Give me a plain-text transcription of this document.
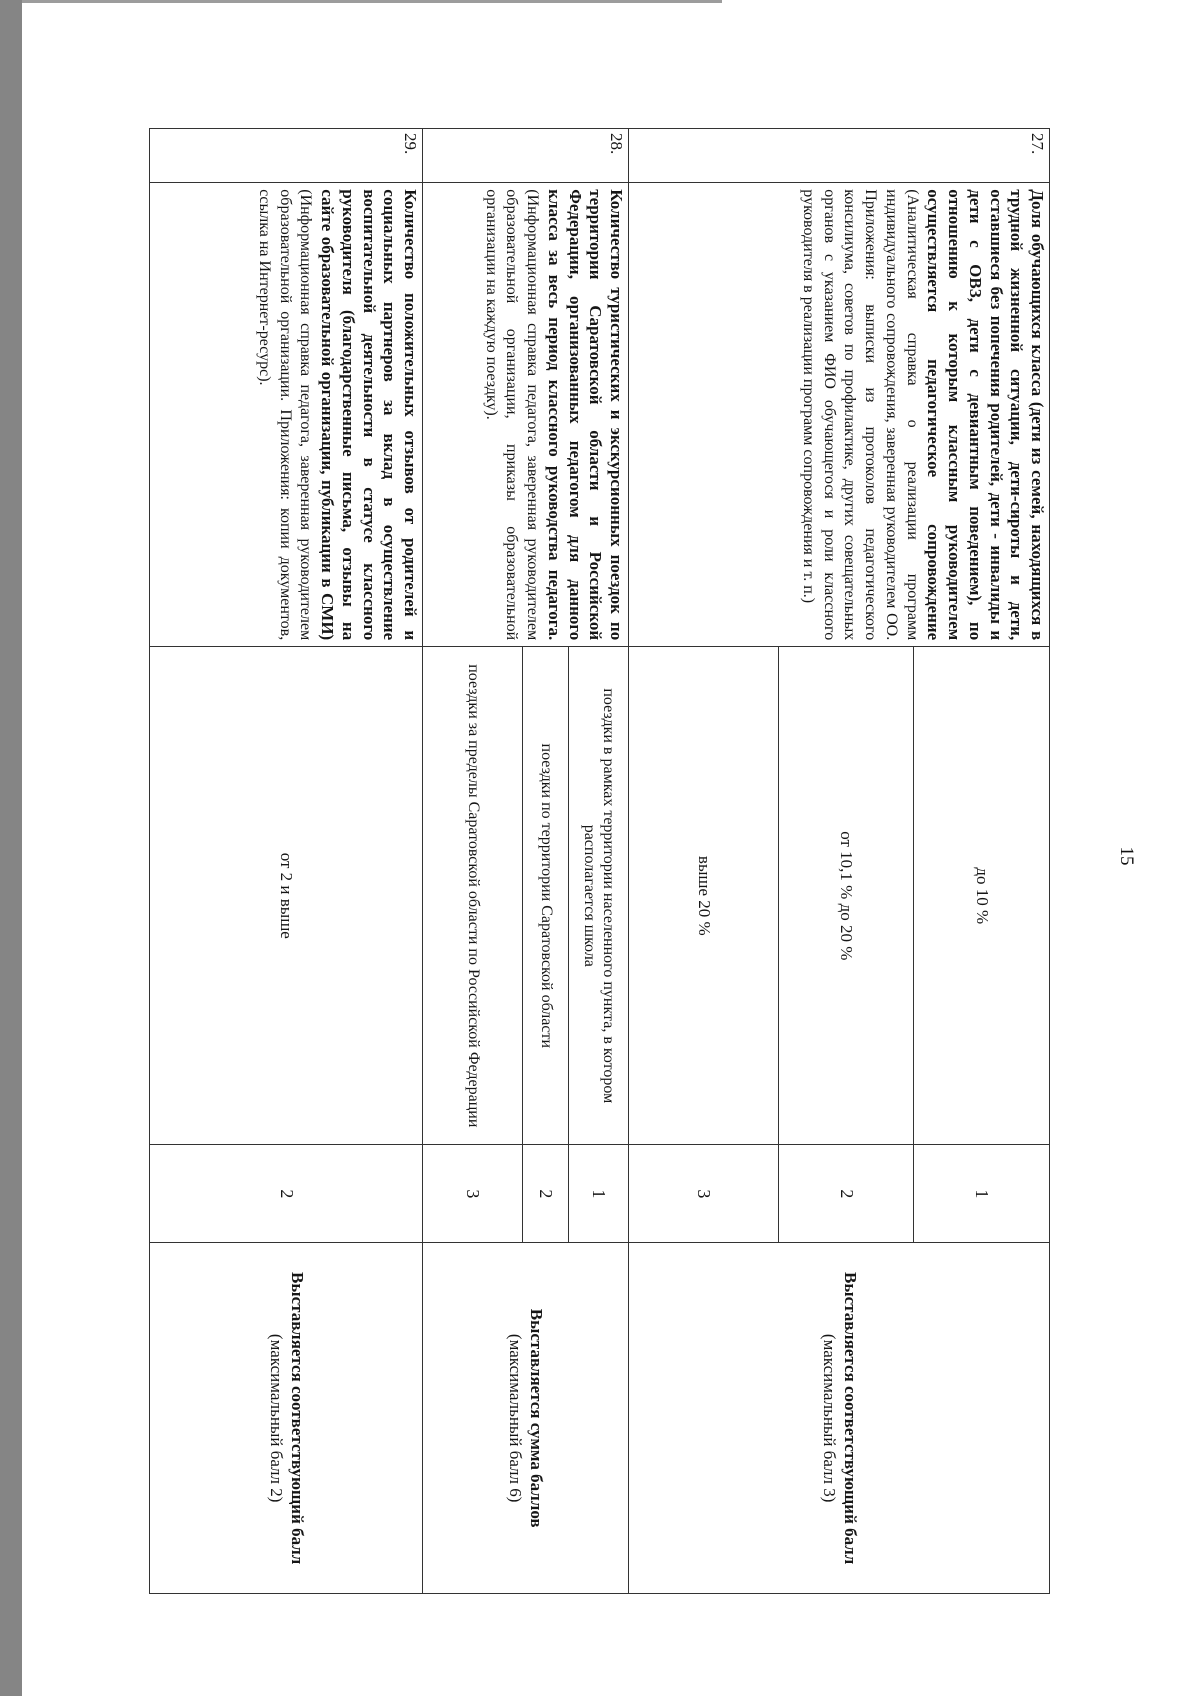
15
27.	Доля обучающихся класса (дети из семей, находящихся в трудной жизненной ситуации, дети-сироты и дети, оставшиеся без попечения родителей, дети - инвалиды и дети с ОВЗ, дети с девиантным поведением), по отношению к которым классным руководителем осуществляется педагогическое сопровождение (Аналитическая справка о реализации программ индивидуального сопровождения, заверенная руководителем ОО. Приложения: выписки из протоколов педагогического консилиума, советов по профилактике, других совещательных органов с указанием ФИО обучающегося и роли классного руководителя в реализации программ сопровождения и т. п.)	до 10 %	1	Выставляется соответствующий балл
(максимальный балл 3)

		от 10,1 % до 20 %	2	
		выше 20 %	3	
28.	Количество туристических и экскурсионных поездок по территории Саратовской области и Российской Федерации, организованных педагогом для данного класса за весь период классного руководства педагога. (Информационная справка педагога, заверенная руководителем образовательной организации, приказы образовательной организации на каждую поездку).	поездки в рамках территории населенного пункта, в котором располагается школа	1	Выставляется сумма баллов
(максимальный балл 6)

		поездки по территории Саратовской области	2	
		поездки за пределы Саратовской области по Российской Федерации	3	
29.	Количество положительных отзывов от родителей и социальных партнеров за вклад в осуществление воспитательной деятельности в статусе классного руководителя (благодарственные письма, отзывы на сайте образовательной организации, публикации в СМИ) (Информационная справка педагога, заверенная руководителем образовательной организации. Приложения: копии документов, ссылка на Интернет-ресурс).	от 2 и выше	2	Выставляется соответствующий балл
(максимальный балл 2)
